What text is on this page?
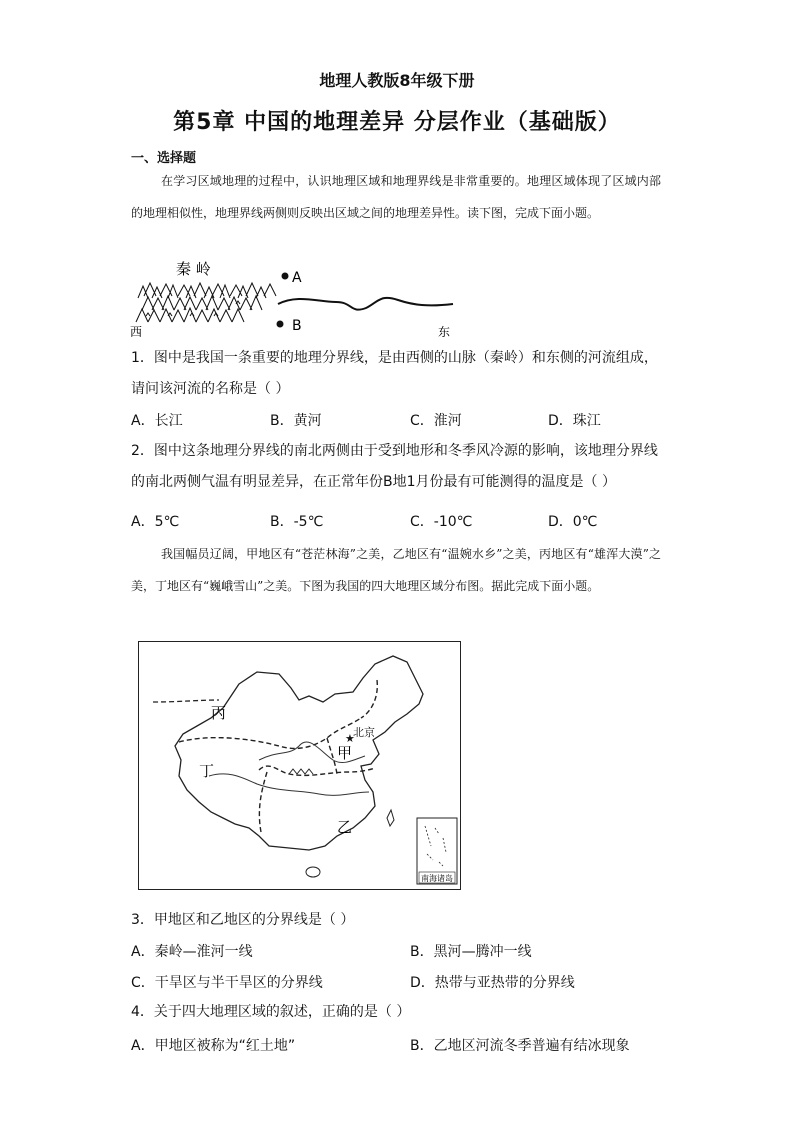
地理人教版8年级下册
第5章 中国的地理差异 分层作业（基础版）
一、选择题
在学习区域地理的过程中，认识地理区域和地理界线是非常重要的。地理区域体现了区域内部的地理相似性，地理界线两侧则反映出区域之间的地理差异性。读下图，完成下面小题。
秦 岭	A
B
西	东
1．图中是我国一条重要的地理分界线，是由西侧的山脉（秦岭）和东侧的河流组成，
请问该河流的名称是（ ）
A．长江	B．黄河	C．淮河	D．珠江
2．图中这条地理分界线的南北两侧由于受到地形和冬季风冷源的影响，该地理分界线
的南北两侧气温有明显差异，在正常年份B地1月份最有可能测得的温度是（ ）
A．5℃	B．-5℃	C．-10℃	D．0℃
我国幅员辽阔，甲地区有“苍茫林海”之美，乙地区有“温婉水乡”之美，丙地区有“雄浑大漠”之美，丁地区有“巍峨雪山”之美。下图为我国的四大地理区域分布图。据此完成下面小题。
★
北京
丙
丁
甲
乙
南海诸岛
3．甲地区和乙地区的分界线是（ ）
A．秦岭—淮河一线	B．黑河—腾冲一线
C．干旱区与半干旱区的分界线	D．热带与亚热带的分界线
4．关于四大地理区域的叙述，正确的是（ ）
A．甲地区被称为“红土地”	B．乙地区河流冬季普遍有结冰现象
